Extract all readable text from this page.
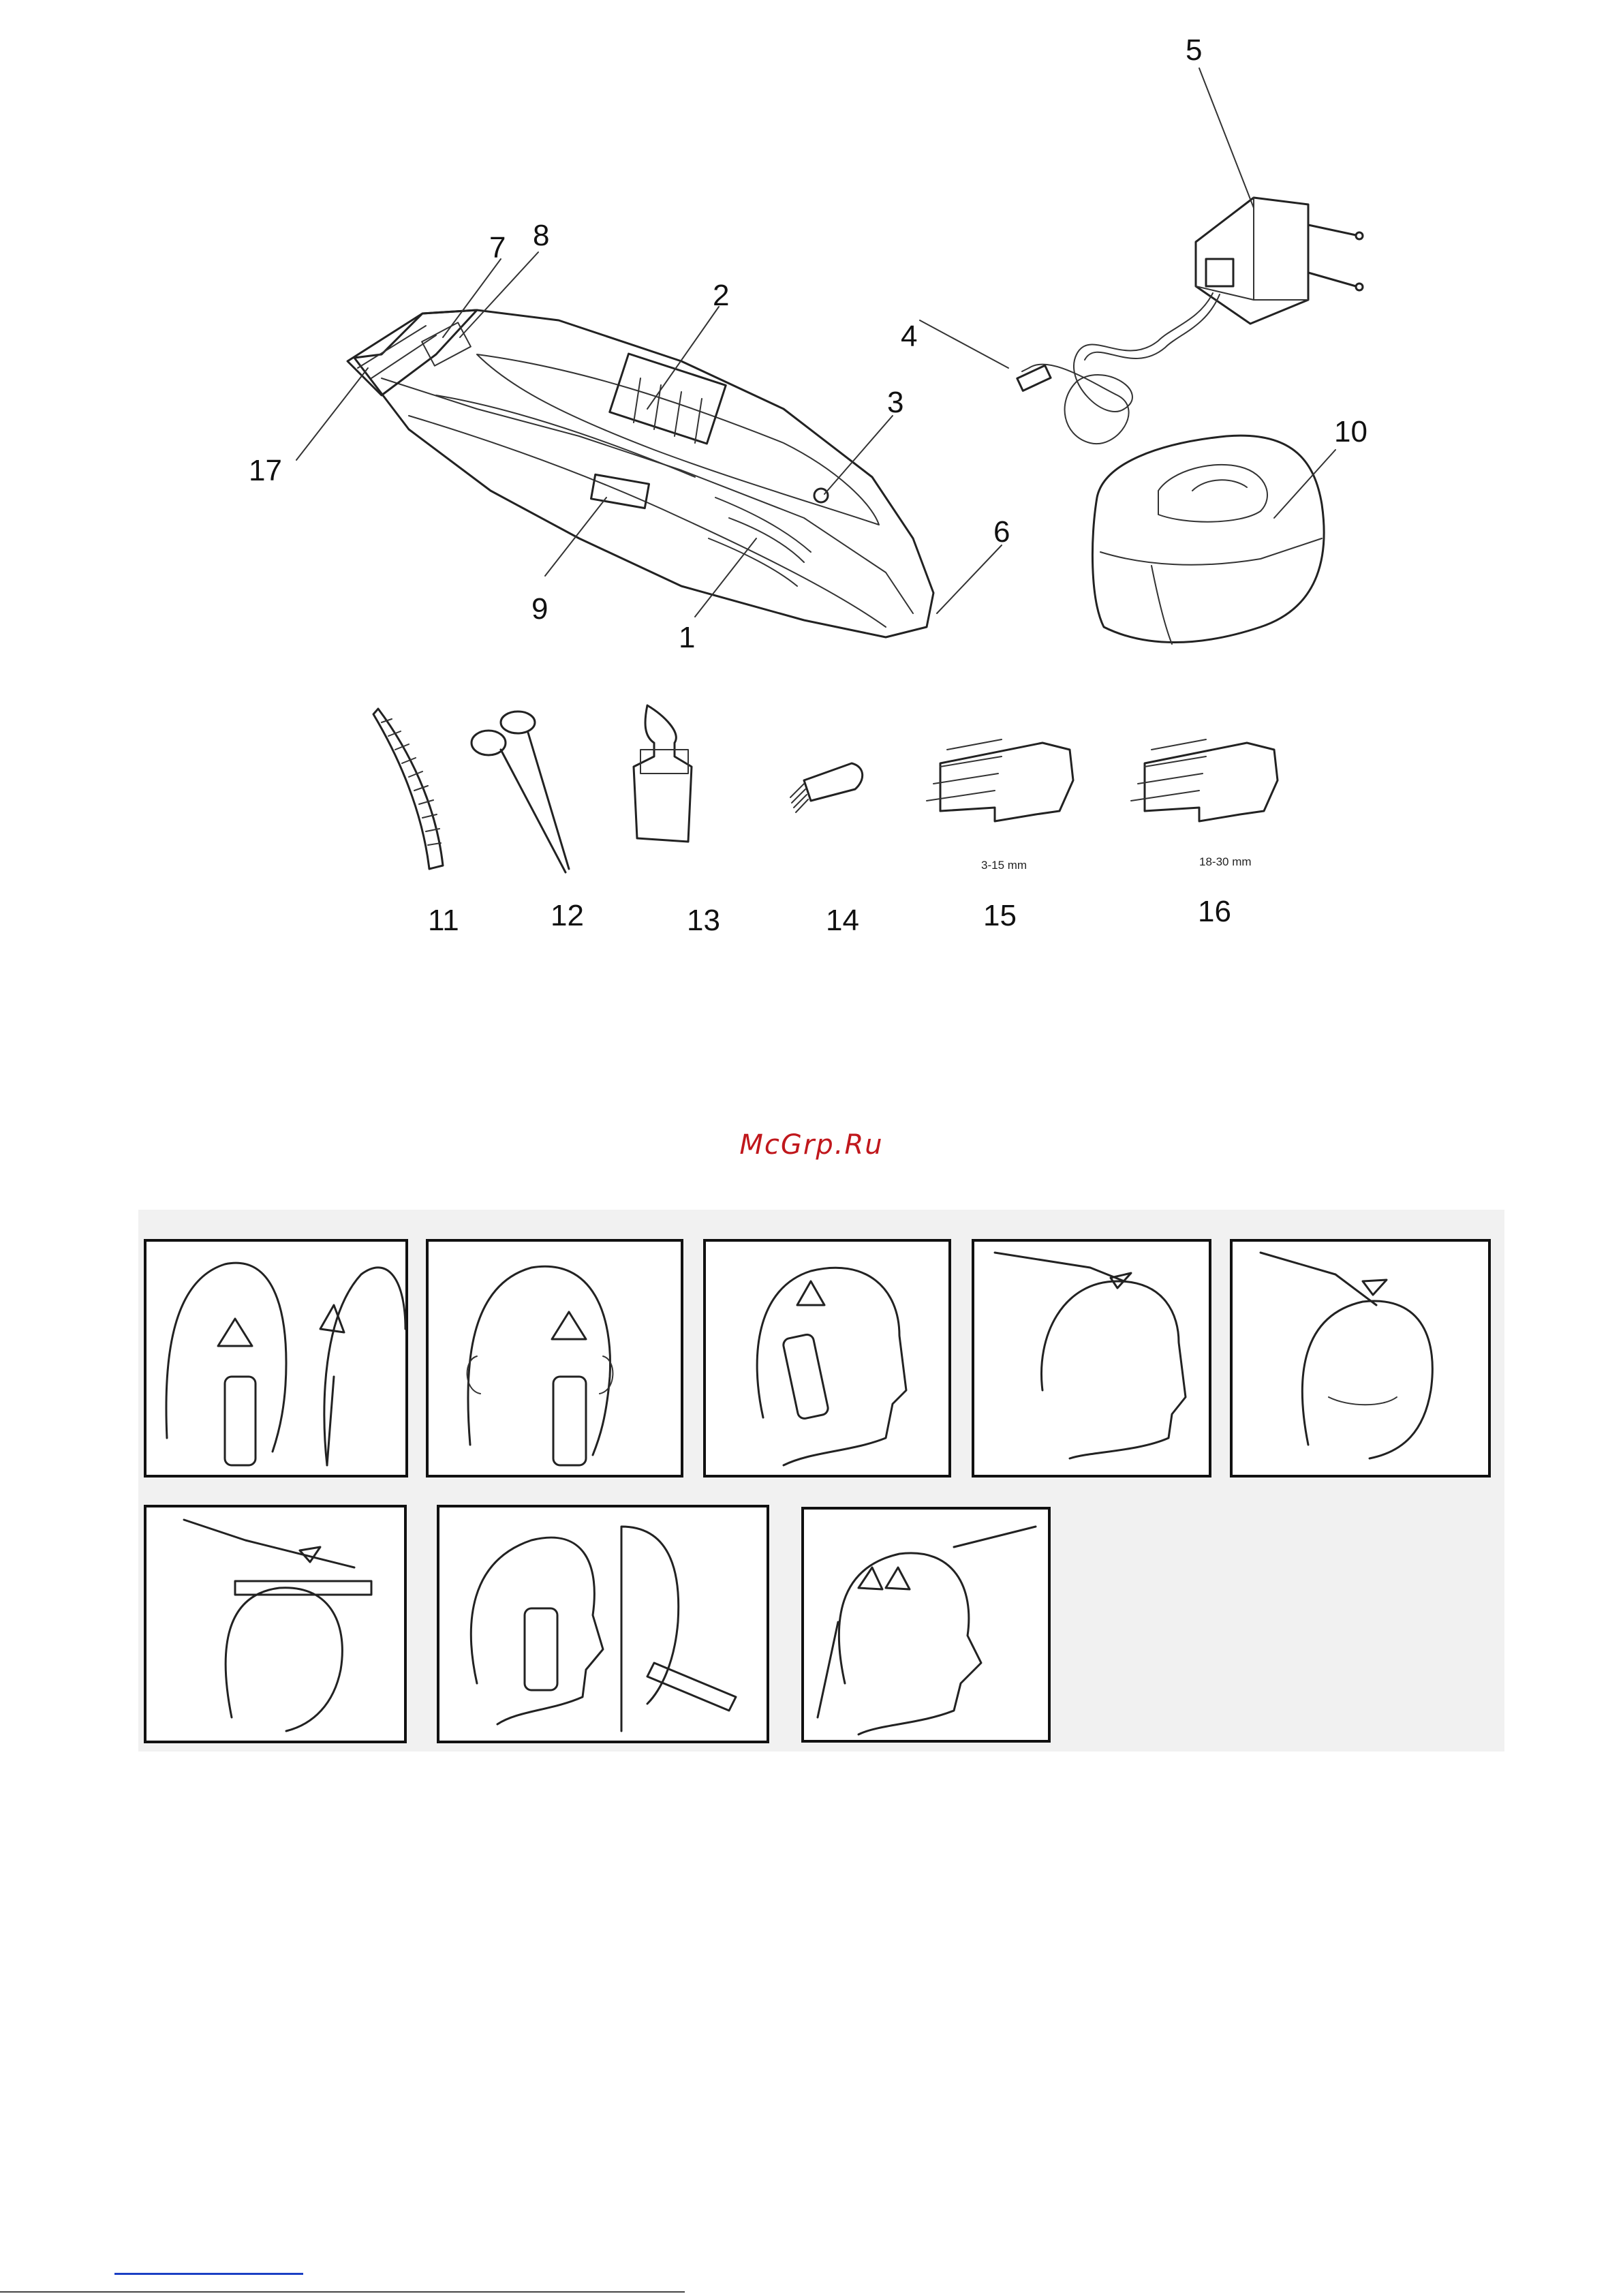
7 8
2
3
4
5
6
17
10
9
1
11	12	13	14	15	16
3-15 mm	18-30 mm
McGrp.Ru
